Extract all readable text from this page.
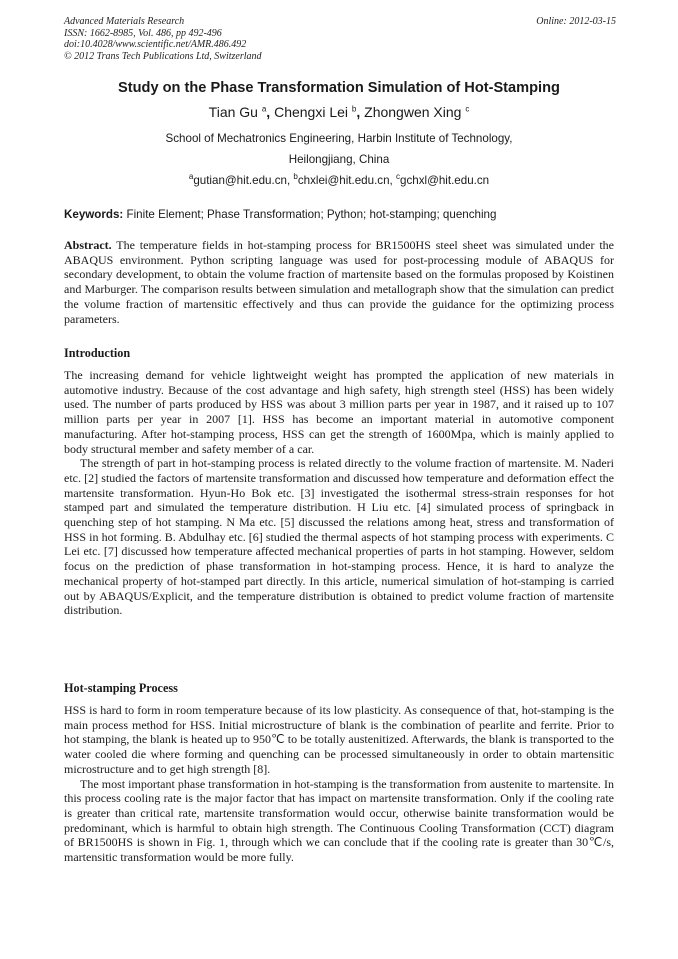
Advanced Materials Research
ISSN: 1662-8985, Vol. 486, pp 492-496
doi:10.4028/www.scientific.net/AMR.486.492
© 2012 Trans Tech Publications Ltd, Switzerland
Online: 2012-03-15
Study on the Phase Transformation Simulation of Hot-Stamping
Tian Gu $^a$, Chengxi Lei $^b$, Zhongwen Xing $^c$
School of Mechatronics Engineering, Harbin Institute of Technology,
Heilongjiang, China
$^a$gutian@hit.edu.cn, $^b$chxlei@hit.edu.cn, $^c$gchxl@hit.edu.cn
Keywords: Finite Element; Phase Transformation; Python; hot-stamping; quenching

Abstract. The temperature fields in hot-stamping process for BR1500HS steel sheet was simulated under the ABAQUS environment. Python scripting language was used for post-processing module of ABAQUS for secondary development, to obtain the volume fraction of martensite based on the formulas proposed by Koistinen and Marburger. The comparison results between simulation and metallograph show that the simulation can predict the volume fraction of martensitic effectively and thus can provide the guidance for the optimizing process parameters.

Introduction

The increasing demand for vehicle lightweight weight has prompted the application of new materials in automotive industry. Because of the cost advantage and high safety, high strength steel (HSS) has been widely used. The number of parts produced by HSS was about 3 million parts per year in 1987, and it raised up to 107 million parts per year in 2007 [1]. HSS has become an important material in automotive component manufacturing. After hot-stamping process, HSS can get the strength of 1600Mpa, which is mainly applied to body structural member and safety member of a car.

The strength of part in hot-stamping process is related directly to the volume fraction of martensite. M. Naderi etc. [2] studied the factors of martensite transformation and discussed how temperature and deformation effect the martensite transformation. Hyun-Ho Bok etc. [3] investigated the isothermal stress-strain responses for hot stamped part and simulated the temperature distribution. H Liu etc. [4] simulated process of springback in quenching step of hot stamping. N Ma etc. [5] discussed the relations among heat, stress and transformation of HSS in hot forming. B. Abdulhay etc. [6] studied the thermal aspects of hot stamping process with experiments. C Lei etc. [7] discussed how temperature affected mechanical properties of parts in hot stamping. However, seldom focus on the prediction of phase transformation in hot-stamping process. Hence, it is hard to analyze the mechanical property of hot-stamped part directly. In this article, numerical simulation of hot-stamping is carried out by ABAQUS/Explicit, and the temperature distribution is obtained to predict volume fraction of martensite distribution.

Hot-stamping Process

HSS is hard to form in room temperature because of its low plasticity. As consequence of that, hot-stamping is the main process method for HSS. Initial microstructure of blank is the combination of pearlite and ferrite. Prior to hot stamping, the blank is heated up to 950℃ to be totally austenitized. Afterwards, the blank is transported to the water cooled die where forming and quenching can be processed simultaneously in order to obtain martensitic microstructure and to get high strength [8].

The most important phase transformation in hot-stamping is the transformation from austenite to martensite. In this process cooling rate is the major factor that has impact on martensite transformation. Only if the cooling rate is greater than critical rate, martensite transformation would occur, otherwise bainite transformation would be predominant, which is harmful to obtain high strength. The Continuous Cooling Transformation (CCT) diagram of BR1500HS is shown in Fig. 1, through which we can conclude that if the cooling rate is greater than 30℃/s, martensitic transformation would be more fully.
